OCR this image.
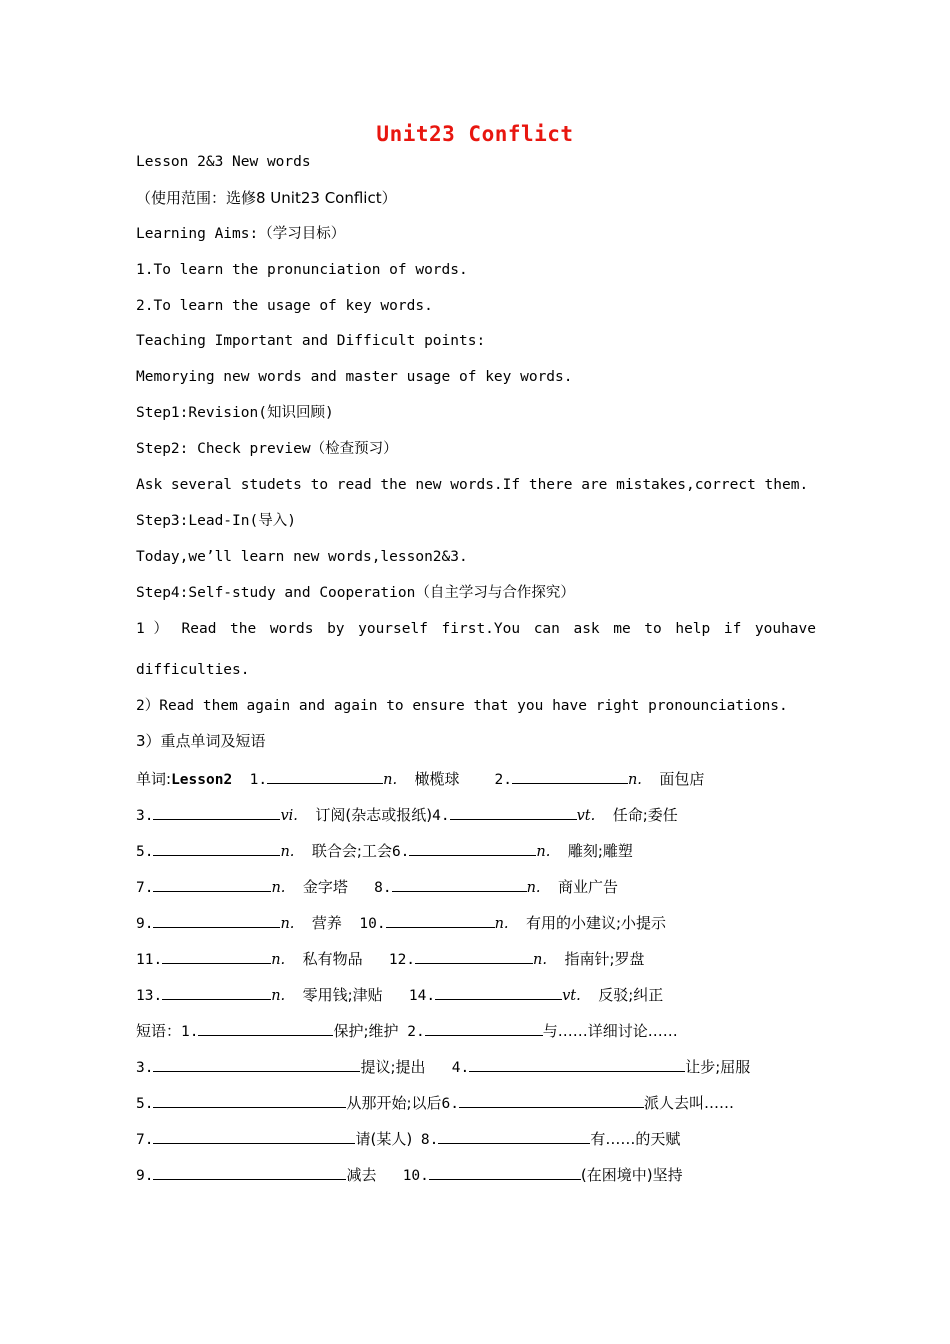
Unit23 Conflict
Lesson 2&3 New words
（使用范围：选修8 Unit23 Conflict）
Learning Aims:（学习目标）
1.To learn the pronunciation of words.
2.To learn the usage of key words.
Teaching Important and Difficult points:
Memorying new words and master usage of key words.
Step1:Revision(知识回顾)
Step2: Check preview（检查预习）
Ask several studets to read the new words.If there are mistakes,correct them.
Step3:Lead-In(导入)
Today,we’ll learn new words,lesson2&3.
Step4:Self-study and Cooperation（自主学习与合作探究）
1 ） Read the words by yourself first.You can ask me to help if youhave
difficulties.
2）Read them again and again to ensure that you have right pronounciations.
3）重点单词及短语
单词:Lesson2 1.	n. 橄榄球 2.	n. 面包店
3.	vi. 订阅(杂志或报纸)4.	vt. 任命;委任
5.	n. 联合会;工会6.	n. 雕刻;雕塑
7.	n. 金字塔 8.	n. 商业广告
9.	n. 营养 10.	n. 有用的小建议;小提示
11.	n. 私有物品 12.	n. 指南针;罗盘
13.	n. 零用钱;津贴 14.	vt. 反驳;纠正
短语：1.	保护;维护 2.	与……详细讨论……
3.	提议;提出 4.	让步;屈服
5.	从那开始;以后6.	派人去叫……
7.	请(某人) 8.	有……的天赋
9.	减去 10.	(在困境中)坚持
